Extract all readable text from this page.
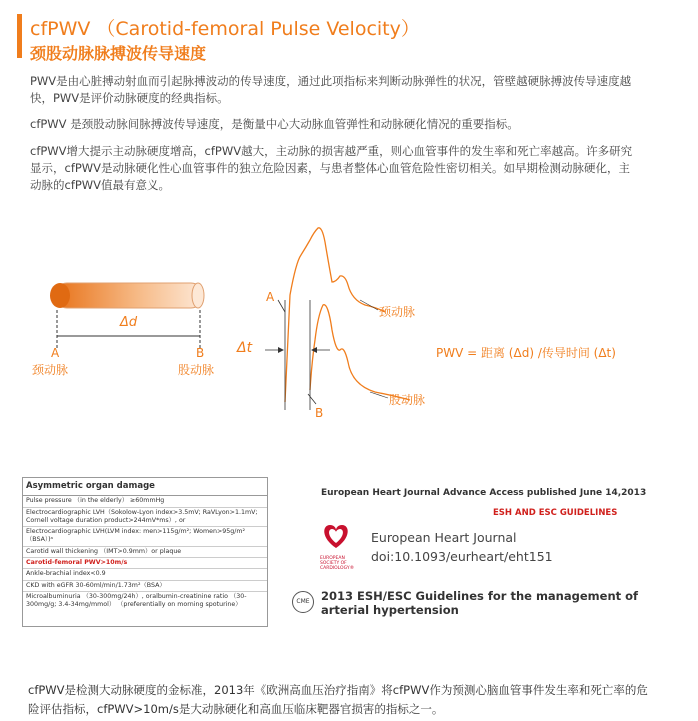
cfPWV （Carotid-femoral Pulse Velocity）
颈股动脉脉搏波传导速度
PWV是由心脏搏动射血而引起脉搏波动的传导速度，通过此项指标来判断动脉弹性的状况，管壁越硬脉搏波传导速度越快，PWV是评价动脉硬度的经典指标。
cfPWV 是颈股动脉间脉搏波传导速度，是衡量中心大动脉血管弹性和动脉硬化情况的重要指标。
cfPWV增大提示主动脉硬度增高，cfPWV越大，主动脉的损害越严重，则心血管事件的发生率和死亡率越高。许多研究显示，cfPWV是动脉硬化性心血管事件的独立危险因素，与患者整体心血管危险性密切相关。如早期检测动脉硬化，主动脉的cfPWV值最有意义。
A	B
颈动脉	股动脉
Δd
Δt
A
B
颈动脉
股动脉
PWV = 距离 (Δd) /传导时间 (Δt)
Asymmetric organ damage
Pulse pressure （in the elderly） ≥60mmHg
Electrocardiographic LVH（Sokolow-Lyon index>3.5mV; RaVLyon>1.1mV; Cornell voltage duration product>244mV*ms）, or
Electrocardiographic LVH(LVM index: men>115g/m²; Women>95g/m²（BSA）)ᵃ
Carotid wall thickening （IMT>0.9mm）or plaque
Carotid-femoral PWV>10m/s
Ankle-brachial index<0.9
CKD with eGFR 30-60ml/min/1.73m²（BSA）
Microalbuminuria （30-300mg/24h）, oralbumin-creatinine ratio （30-300mg/g; 3.4-34mg/mmol） （preferentially on morning spoturine）
European Heart Journal Advance Access published June 14,2013
ESH AND ESC GUIDELINES
European Heart Journal
doi:10.1093/eurheart/eht151
EUROPEAN SOCIETY OF CARDIOLOGY®
CME 2013 ESH/ESC Guidelines for the management of arterial hypertension
cfPWV是检测大动脉硬度的金标准，2013年《欧洲高血压治疗指南》将cfPWV作为预测心脑血管事件发生率和死亡率的危险评估指标，cfPWV>10m/s是大动脉硬化和高血压临床靶器官损害的指标之一。
